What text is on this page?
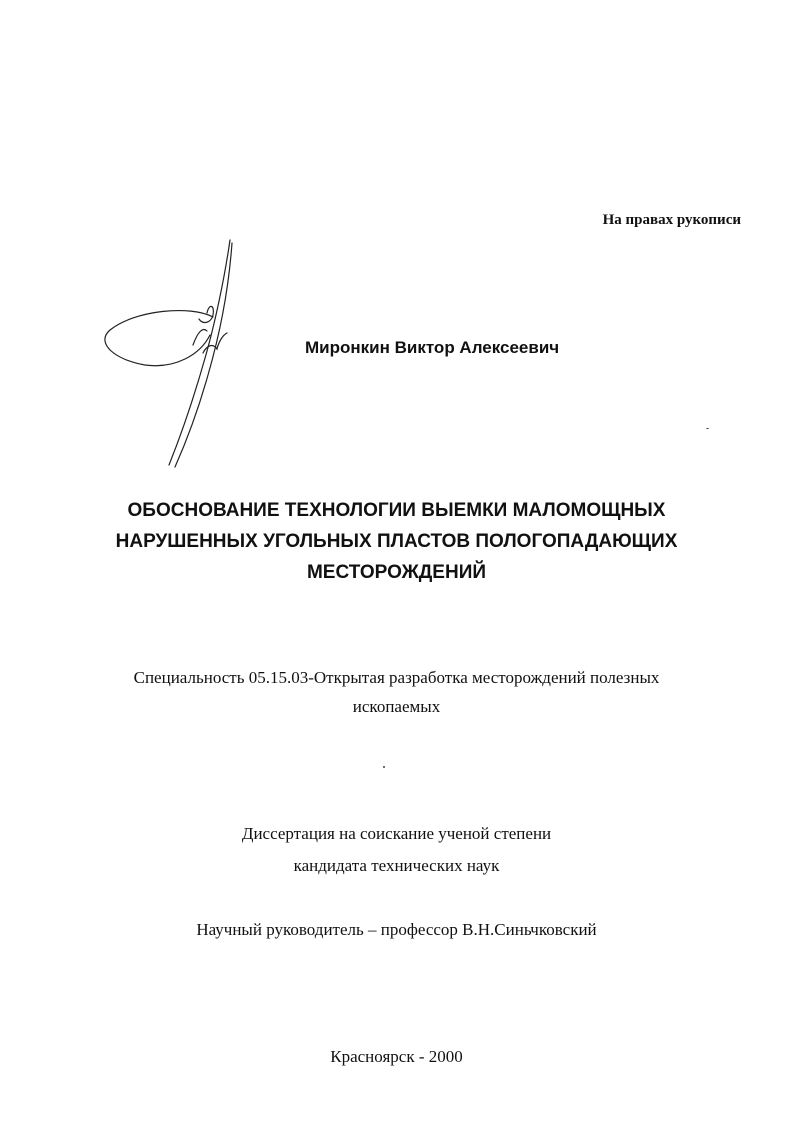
На правах рукописи
Миронкин Виктор Алексеевич
ОБОСНОВАНИЕ ТЕХНОЛОГИИ ВЫЕМКИ МАЛОМОЩНЫХ
НАРУШЕННЫХ УГОЛЬНЫХ ПЛАСТОВ ПОЛОГОПАДАЮЩИХ
МЕСТОРОЖДЕНИЙ
Специальность 05.15.03-Открытая разработка месторождений полезных
ископаемых
Диссертация на соискание ученой степени
кандидата технических наук
Научный руководитель – профессор В.Н.Синьчковский
Красноярск - 2000
